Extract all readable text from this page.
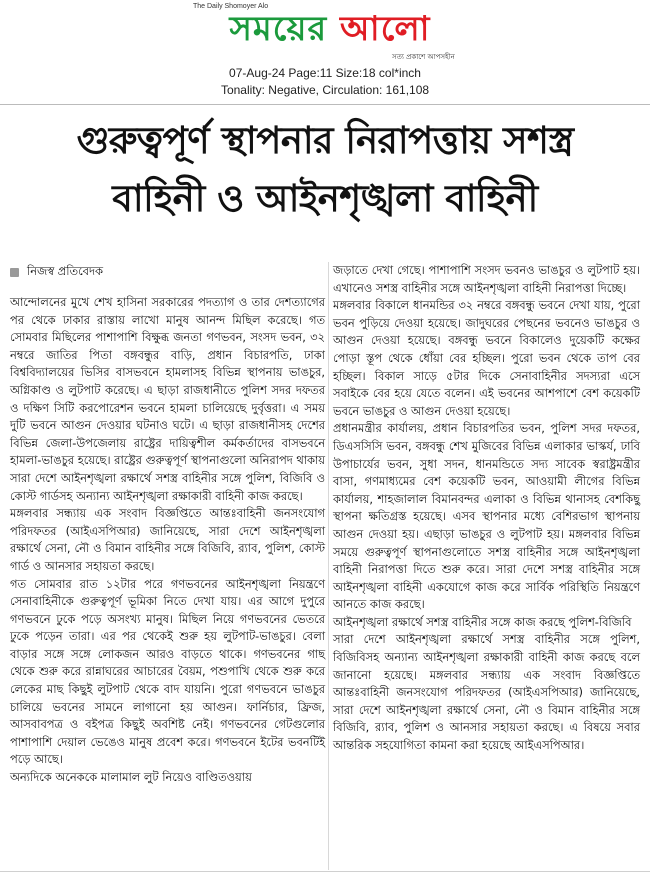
The Daily Shomoyer Alo
সময়ের আলো
সত্য প্রকাশে আপসহীন
07-Aug-24 Page:11 Size:18 col*inch
Tonality: Negative, Circulation: 161,108
গুরুত্বপূর্ণ স্থাপনার নিরাপত্তায় সশস্ত্র
বাহিনী ও আইনশৃঙ্খলা বাহিনী
নিজস্ব প্রতিবেদক

আন্দোলনের মুখে শেখ হাসিনা সরকারের পদত্যাগ ও তার দেশত্যাগের পর থেকে ঢাকার রাস্তায় লাখো মানুষ আনন্দ মিছিল করেছে। গত সোমবার মিছিলের পাশাপাশি বিক্ষুব্ধ জনতা গণভবন, সংসদ ভবন, ৩২ নম্বরে জাতির পিতা বঙ্গবন্ধুর বাড়ি, প্রধান বিচারপতি, ঢাকা বিশ্ববিদ্যালয়ের ভিসির বাসভবনে হামলাসহ বিভিন্ন স্থাপনায় ভাঙচুর, অগ্নিকাণ্ড ও লুটপাট করেছে। এ ছাড়া রাজধানীতে পুলিশ সদর দফতর ও দক্ষিণ সিটি করপোরেশন ভবনে হামলা চালিয়েছে দুর্বৃত্তরা। এ সময় দুটি ভবনে আগুন দেওয়ার ঘটনাও ঘটে। এ ছাড়া রাজধানীসহ দেশের বিভিন্ন জেলা-উপজেলায় রাষ্ট্রের দায়িত্বশীল কর্মকর্তাদের বাসভবনে হামলা-ভাঙচুর হয়েছে। রাষ্ট্রের গুরুত্বপূর্ণ স্থাপনাগুলো অনিরাপদ থাকায় সারা দেশে আইনশৃঙ্খলা রক্ষার্থে সশস্ত্র বাহিনীর সঙ্গে পুলিশ, বিজিবি ও কোস্ট গার্ডসহ অন্যান্য আইনশৃঙ্খলা রক্ষাকারী বাহিনী কাজ করছে।

মঙ্গলবার সন্ধ্যায় এক সংবাদ বিজ্ঞপ্তিতে আন্তঃবাহিনী জনসংযোগ পরিদফতর (আইএসপিআর) জানিয়েছে, সারা দেশে আইনশৃঙ্খলা রক্ষার্থে সেনা, নৌ ও বিমান বাহিনীর সঙ্গে বিজিবি, র‍্যাব, পুলিশ, কোস্ট গার্ড ও আনসার সহায়তা করছে।

গত সোমবার রাত ১২টার পরে গণভবনের আইনশৃঙ্খলা নিয়ন্ত্রণে সেনাবাহিনীকে গুরুত্বপূর্ণ ভূমিকা নিতে দেখা যায়। এর আগে দুপুরে গণভবনে ঢুকে পড়ে অসংখ্য মানুষ। মিছিল নিয়ে গণভবনের ভেতরে ঢুকে পড়েন তারা। এর পর থেকেই শুরু হয় লুটপাট-ভাঙচুর। বেলা বাড়ার সঙ্গে সঙ্গে লোকজন আরও বাড়তে থাকে। গণভবনের গাছ থেকে শুরু করে রান্নাঘরের আচারের বৈয়ম, পশুপাখি থেকে শুরু করে লেকের মাছ কিছুই লুটপাট থেকে বাদ যায়নি। পুরো গণভবনে ভাঙচুর চালিয়ে ভবনের সামনে লাগানো হয় আগুন। ফার্নিচার, ফ্রিজ, আসবাবপত্র ও বইপত্র কিছুই অবশিষ্ট নেই। গণভবনের গেটগুলোর পাশাপাশি দেয়াল ভেঙেও মানুষ প্রবেশ করে। গণভবনে ইটের ভবনটিই পড়ে আছে।

অন্যদিকে অনেককে মালামাল লুট নিয়েও বাণ্ডিতওয়ায়

জড়াতে দেখা গেছে। পাশাপাশি সংসদ ভবনও ভাঙচুর ও লুটপাট হয়। এখানেও সশস্ত্র বাহিনীর সঙ্গে আইনশৃঙ্খলা বাহিনী নিরাপত্তা দিচ্ছে।

মঙ্গলবার বিকালে ধানমন্ডির ৩২ নম্বরে বঙ্গবন্ধু ভবনে দেখা যায়, পুরো ভবন পুড়িয়ে দেওয়া হয়েছে। জাদুঘরের পেছনের ভবনেও ভাঙচুর ও আগুন দেওয়া হয়েছে। বঙ্গবন্ধু ভবনে বিকালেও দুয়েকটি কক্ষের পোড়া স্তূপ থেকে ধোঁয়া বের হচ্ছিল। পুরো ভবন থেকে তাপ বের হচ্ছিল। বিকাল সাড়ে ৫টার দিকে সেনাবাহিনীর সদস্যরা এসে সবাইকে বের হয়ে যেতে বলেন। এই ভবনের আশপাশে বেশ কয়েকটি ভবনে ভাঙচুর ও আগুন দেওয়া হয়েছে।

প্রধানমন্ত্রীর কার্যালয়, প্রধান বিচারপতির ভবন, পুলিশ সদর দফতর, ডিএসসিসি ভবন, বঙ্গবন্ধু শেখ মুজিবের বিভিন্ন এলাকার ভাস্কর্য, ঢাবি উপাচার্যের ভবন, সুধা সদন, ধানমন্ডিতে সদ্য সাবেক স্বরাষ্ট্রমন্ত্রীর বাসা, গণমাধ্যমের বেশ কয়েকটি ভবন, আওয়ামী লীগের বিভিন্ন কার্যালয়, শাহজালাল বিমানবন্দর এলাকা ও বিভিন্ন থানাসহ বেশকিছু স্থাপনা ক্ষতিগ্রস্ত হয়েছে। এসব স্থাপনার মধ্যে বেশিরভাগ স্থাপনায় আগুন দেওয়া হয়। এছাড়া ভাঙচুর ও লুটপাট হয়। মঙ্গলবার বিভিন্ন সময়ে গুরুত্বপূর্ণ স্থাপনাগুলোতে সশস্ত্র বাহিনীর সঙ্গে আইনশৃঙ্খলা বাহিনী নিরাপত্তা দিতে শুরু করে। সারা দেশে সশস্ত্র বাহিনীর সঙ্গে আইনশৃঙ্খলা বাহিনী একযোগে কাজ করে সার্বিক পরিস্থিতি নিয়ন্ত্রণে আনতে কাজ করছে।

আইনশৃঙ্খলা রক্ষার্থে সশস্ত্র বাহিনীর সঙ্গে কাজ করছে পুলিশ-বিজিবি

সারা দেশে আইনশৃঙ্খলা রক্ষার্থে সশস্ত্র বাহিনীর সঙ্গে পুলিশ, বিজিবিসহ অন্যান্য আইনশৃঙ্খলা রক্ষাকারী বাহিনী কাজ করছে বলে জানানো হয়েছে। মঙ্গলবার সন্ধ্যায় এক সংবাদ বিজ্ঞপ্তিতে আন্তঃবাহিনী জনসংযোগ পরিদফতর (আইএসপিআর) জানিয়েছে, সারা দেশে আইনশৃঙ্খলা রক্ষার্থে সেনা, নৌ ও বিমান বাহিনীর সঙ্গে বিজিবি, র‍্যাব, পুলিশ ও আনসার সহায়তা করছে। এ বিষয়ে সবার আন্তরিক সহযোগিতা কামনা করা হয়েছে আইএসপিআর।
